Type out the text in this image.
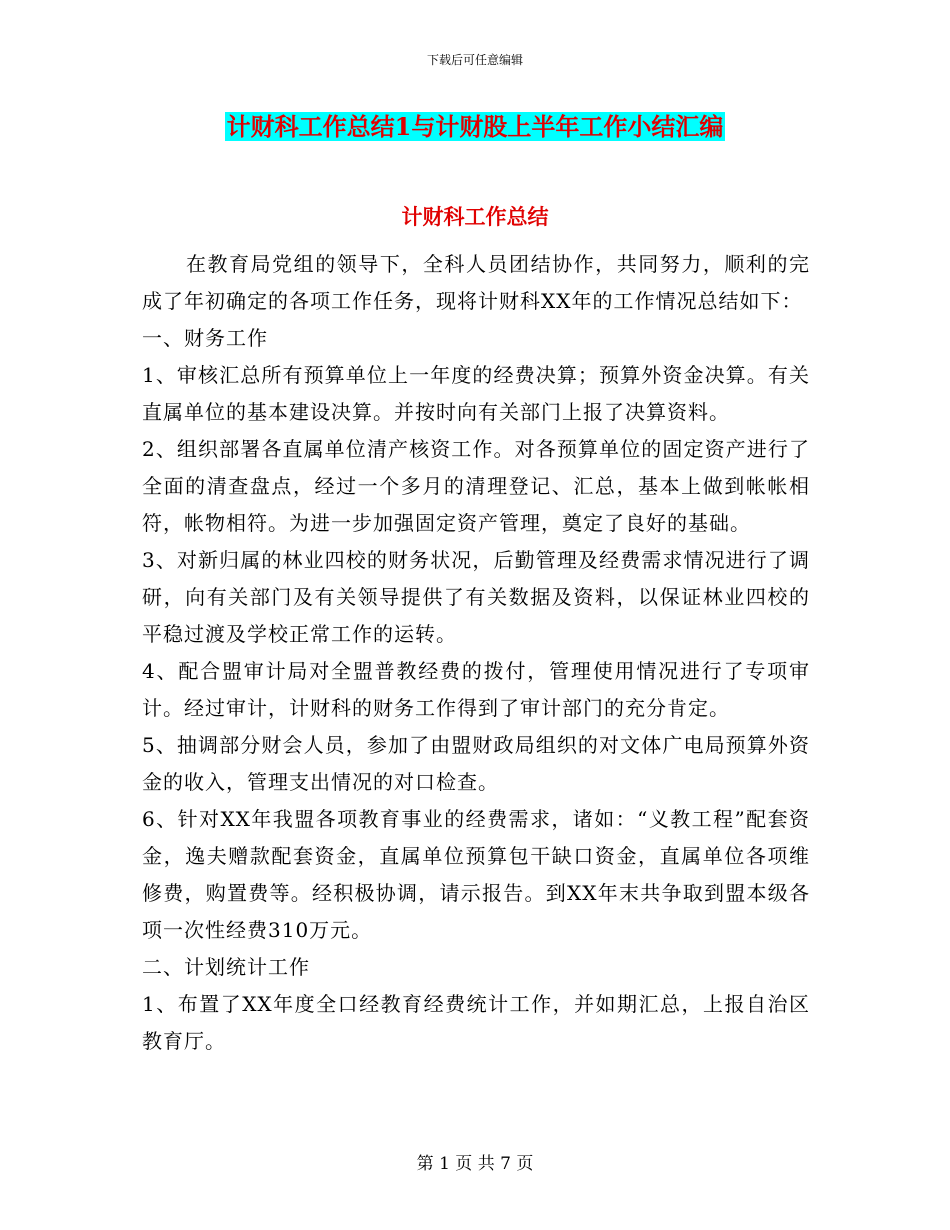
下载后可任意编辑
计财科工作总结1与计财股上半年工作小结汇编
计财科工作总结

在教育局党组的领导下，全科人员团结协作，共同努力，顺利的完成了年初确定的各项工作任务，现将计财科XX年的工作情况总结如下：

一、财务工作

1、审核汇总所有预算单位上一年度的经费决算；预算外资金决算。有关直属单位的基本建设决算。并按时向有关部门上报了决算资料。

2、组织部署各直属单位清产核资工作。对各预算单位的固定资产进行了全面的清查盘点，经过一个多月的清理登记、汇总，基本上做到帐帐相符，帐物相符。为进一步加强固定资产管理，奠定了良好的基础。

3、对新归属的林业四校的财务状况，后勤管理及经费需求情况进行了调研，向有关部门及有关领导提供了有关数据及资料，以保证林业四校的平稳过渡及学校正常工作的运转。

4、配合盟审计局对全盟普教经费的拨付，管理使用情况进行了专项审计。经过审计，计财科的财务工作得到了审计部门的充分肯定。

5、抽调部分财会人员，参加了由盟财政局组织的对文体广电局预算外资金的收入，管理支出情况的对口检查。

6、针对XX年我盟各项教育事业的经费需求，诸如：“义教工程”配套资金，逸夫赠款配套资金，直属单位预算包干缺口资金，直属单位各项维修费，购置费等。经积极协调，请示报告。到XX年末共争取到盟本级各项一次性经费310万元。

二、计划统计工作

1、布置了XX年度全口经教育经费统计工作，并如期汇总，上报自治区教育厅。

第 1 页 共 7 页
